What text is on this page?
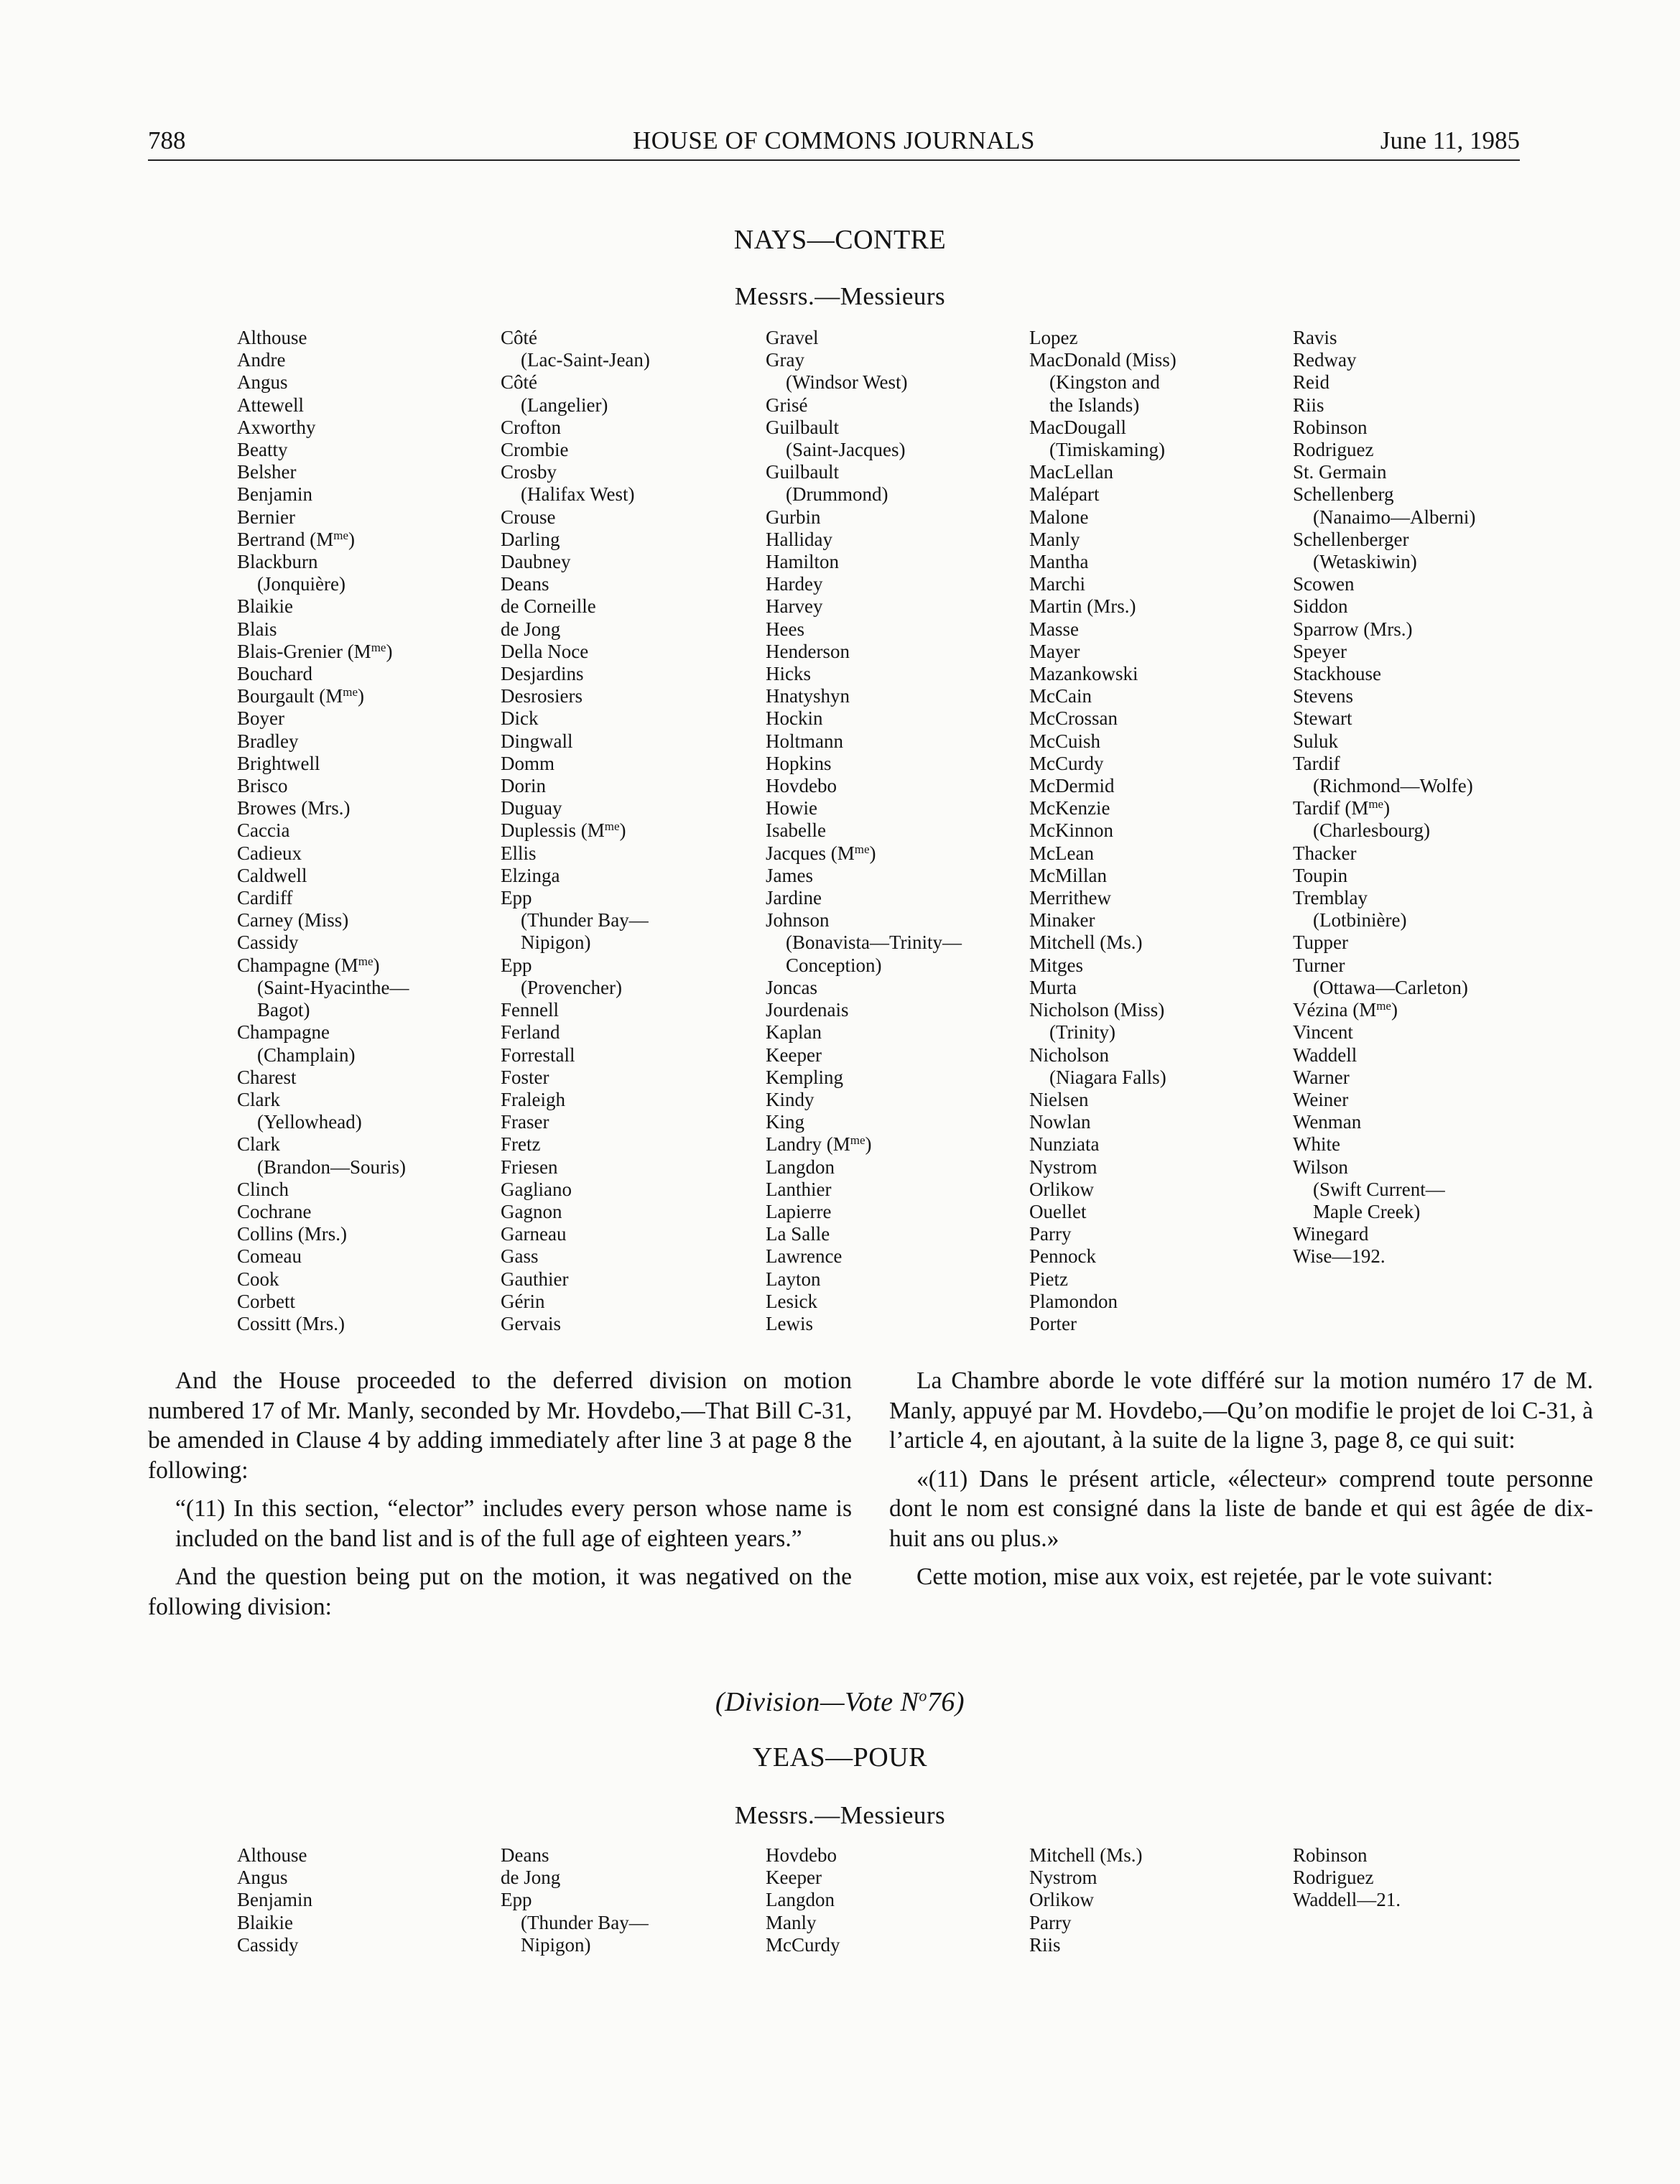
788	HOUSE OF COMMONS JOURNALS	June 11, 1985
NAYS—CONTRE
Messrs.—Messieurs
Althouse
Andre
Angus
Attewell
Axworthy
Beatty
Belsher
Benjamin
Bernier
Bertrand $(M^{me})$
Blackburn
(Jonquière)
Blaikie
Blais
Blais-Grenier $(M^{me})$
Bouchard
Bourgault $(M^{me})$
Boyer
Bradley
Brightwell
Brisco
Browes (Mrs.)
Caccia
Cadieux
Caldwell
Cardiff
Carney (Miss)
Cassidy
Champagne $(M^{me})$
(Saint-Hyacinthe—
Bagot)
Champagne
(Champlain)
Charest
Clark
(Yellowhead)
Clark
(Brandon—Souris)
Clinch
Cochrane
Collins (Mrs.)
Comeau
Cook
Corbett
Cossitt (Mrs.)
Côté
(Lac-Saint-Jean)
Côté
(Langelier)
Crofton
Crombie
Crosby
(Halifax West)
Crouse
Darling
Daubney
Deans
de Corneille
de Jong
Della Noce
Desjardins
Desrosiers
Dick
Dingwall
Domm
Dorin
Duguay
Duplessis $(M^{me})$
Ellis
Elzinga
Epp
(Thunder Bay—
Nipigon)
Epp
(Provencher)
Fennell
Ferland
Forrestall
Foster
Fraleigh
Fraser
Fretz
Friesen
Gagliano
Gagnon
Garneau
Gass
Gauthier
Gérin
Gervais
Gravel
Gray
(Windsor West)
Grisé
Guilbault
(Saint-Jacques)
Guilbault
(Drummond)
Gurbin
Halliday
Hamilton
Hardey
Harvey
Hees
Henderson
Hicks
Hnatyshyn
Hockin
Holtmann
Hopkins
Hovdebo
Howie
Isabelle
Jacques $(M^{me})$
James
Jardine
Johnson
(Bonavista—Trinity—
Conception)
Joncas
Jourdenais
Kaplan
Keeper
Kempling
Kindy
King
Landry $(M^{me})$
Langdon
Lanthier
Lapierre
La Salle
Lawrence
Layton
Lesick
Lewis
Lopez
MacDonald (Miss)
(Kingston and
the Islands)
MacDougall
(Timiskaming)
MacLellan
Malépart
Malone
Manly
Mantha
Marchi
Martin (Mrs.)
Masse
Mayer
Mazankowski
McCain
McCrossan
McCuish
McCurdy
McDermid
McKenzie
McKinnon
McLean
McMillan
Merrithew
Minaker
Mitchell (Ms.)
Mitges
Murta
Nicholson (Miss)
(Trinity)
Nicholson
(Niagara Falls)
Nielsen
Nowlan
Nunziata
Nystrom
Orlikow
Ouellet
Parry
Pennock
Pietz
Plamondon
Porter
Ravis
Redway
Reid
Riis
Robinson
Rodriguez
St. Germain
Schellenberg
(Nanaimo—Alberni)
Schellenberger
(Wetaskiwin)
Scowen
Siddon
Sparrow (Mrs.)
Speyer
Stackhouse
Stevens
Stewart
Suluk
Tardif
(Richmond—Wolfe)
Tardif $(M^{me})$
(Charlesbourg)
Thacker
Toupin
Tremblay
(Lotbinière)
Tupper
Turner
(Ottawa—Carleton)
Vézina $(M^{me})$
Vincent
Waddell
Warner
Weiner
Wenman
White
Wilson
(Swift Current—
Maple Creek)
Winegard
Wise—192.

And the House proceeded to the deferred division on motion numbered 17 of Mr. Manly, seconded by Mr. Hovdebo,—That Bill C-31, be amended in Clause 4 by adding immediately after line 3 at page 8 the following:

“(11) In this section, “elector” includes every person whose name is included on the band list and is of the full age of eighteen years.”

And the question being put on the motion, it was negatived on the following division:

La Chambre aborde le vote différé sur la motion numéro 17 de M. Manly, appuyé par M. Hovdebo,—Qu’on modifie le projet de loi C-31, à l’article 4, en ajoutant, à la suite de la ligne 3, page 8, ce qui suit:

«(11) Dans le présent article, «électeur» comprend toute personne dont le nom est consigné dans la liste de bande et qui est âgée de dix-huit ans ou plus.»

Cette motion, mise aux voix, est rejetée, par le vote suivant:

(Division—Vote $N^o76$)
YEAS—POUR
Messrs.—Messieurs
Althouse
Angus
Benjamin
Blaikie
Cassidy
Deans
de Jong
Epp
(Thunder Bay—
Nipigon)
Hovdebo
Keeper
Langdon
Manly
McCurdy
Mitchell (Ms.)
Nystrom
Orlikow
Parry
Riis
Robinson
Rodriguez
Waddell—21.
